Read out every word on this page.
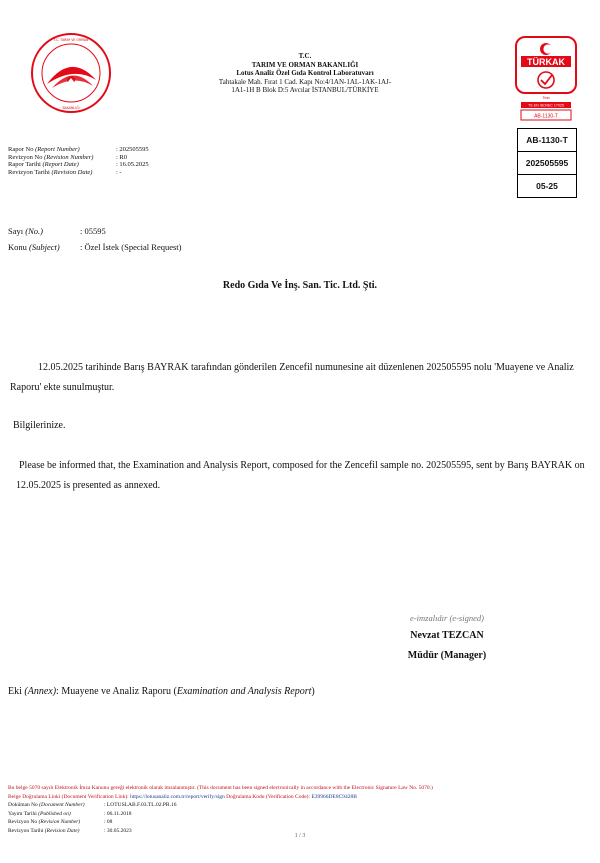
· T.C. TARIM VE ORMAN ·
· BAKANLIĞI ·
T.C.
TARIM VE ORMAN BAKANLIĞI
Lotus Analiz Özel Gıda Kontrol Laboratuvarı
Tahtakale Mah. Fırat 1 Cad. Kapı No:4/1AN-1AL-1AK-1AJ-
1A1-1H B Blok D:5 Avcılar İSTANBUL/TÜRKİYE
TÜRKAK
Test
TS EN ISO/IEC 17025
AB-1130-T
AB-1130-T
202505595
05-25
Rapor No (Report Number)	: 202505595
Revizyon No (Revision Number)	: R0
Rapor Tarihi (Report Date)	: 16.05.2025
Revizyon Tarihi (Revision Date)	: -
Sayı (No.)	: 05595
Konu (Subject)	: Özel İstek (Special Request)
Redo Gıda Ve İnş. San. Tic. Ltd. Şti.
12.05.2025 tarihinde Barış BAYRAK tarafından gönderilen Zencefil numunesine ait düzenlenen 202505595 nolu 'Muayene ve Analiz Raporu' ekte sunulmuştur.
Bilgilerinize.
Please be informed that, the Examination and Analysis Report, composed for the Zencefil sample no. 202505595, sent by Barış BAYRAK on 12.05.2025 is presented as annexed.
e-imzalıdır (e-signed)
Nevzat TEZCAN
Müdür (Manager)
Eki (Annex): Muayene ve Analiz Raporu (Examination and Analysis Report)
Bu belge 5070 sayılı Elektronik İmza Kanunu gereği elektronik olarak imzalanmıştır. (This document has been signed electronically in accordance with the Electronic Signature Law No. 5070.)
Belge Doğrulama Linki (Document Verification Link): https://lotusanaliz.com.tr/report/verify/sign Doğrulama Kodu (Verification Code): E39966DE8C9428B
Doküman No (Document Number)	: LOTUSLAB.F.03.TL.02.PR.16
Yayım Tarihi (Published on)	: 06.11.2018
Revizyon No (Revision Number)	: 08
Revizyon Tarihi (Revision Date)	: 30.05.2023
1 / 3
